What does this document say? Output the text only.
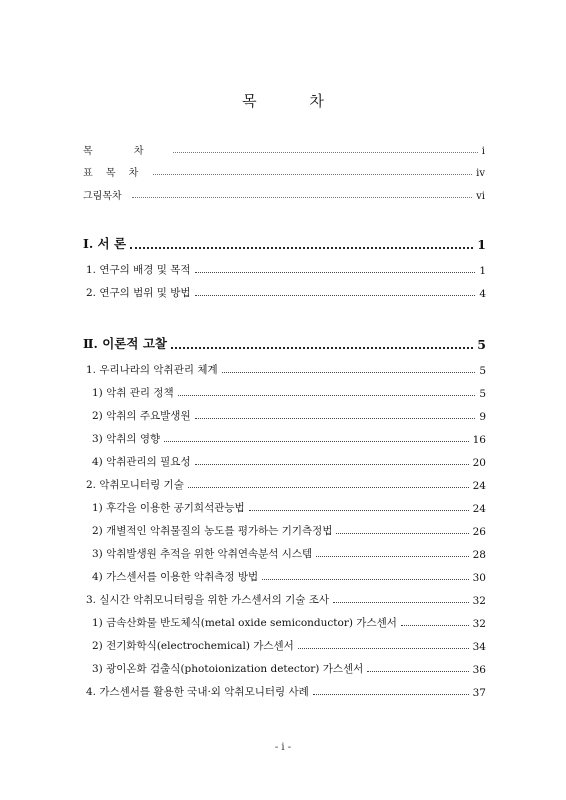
목 차
목 차	i
표 목 차	iv
그림목차	vi
Ⅰ. 서 론	1
1. 연구의 배경 및 목적	1
2. 연구의 범위 및 방법	4
Ⅱ. 이론적 고찰	5
1. 우리나라의 악취관리 체계	5
1) 악취 관리 정책	5
2) 악취의 주요발생원	9
3) 악취의 영향	16
4) 악취관리의 필요성	20
2. 악취모니터링 기술	24
1) 후각을 이용한 공기희석관능법	24
2) 개별적인 악취물질의 농도를 평가하는 기기측정법	26
3) 악취발생원 추적을 위한 악취연속분석 시스템	28
4) 가스센서를 이용한 악취측정 방법	30
3. 실시간 악취모니터링을 위한 가스센서의 기술 조사	32
1) 금속산화물 반도체식(metal oxide semiconductor) 가스센서	32
2) 전기화학식(electrochemical) 가스센서	34
3) 광이온화 검출식(photoionization detector) 가스센서	36
4. 가스센서를 활용한 국내·외 악취모니터링 사례	37
- i -
